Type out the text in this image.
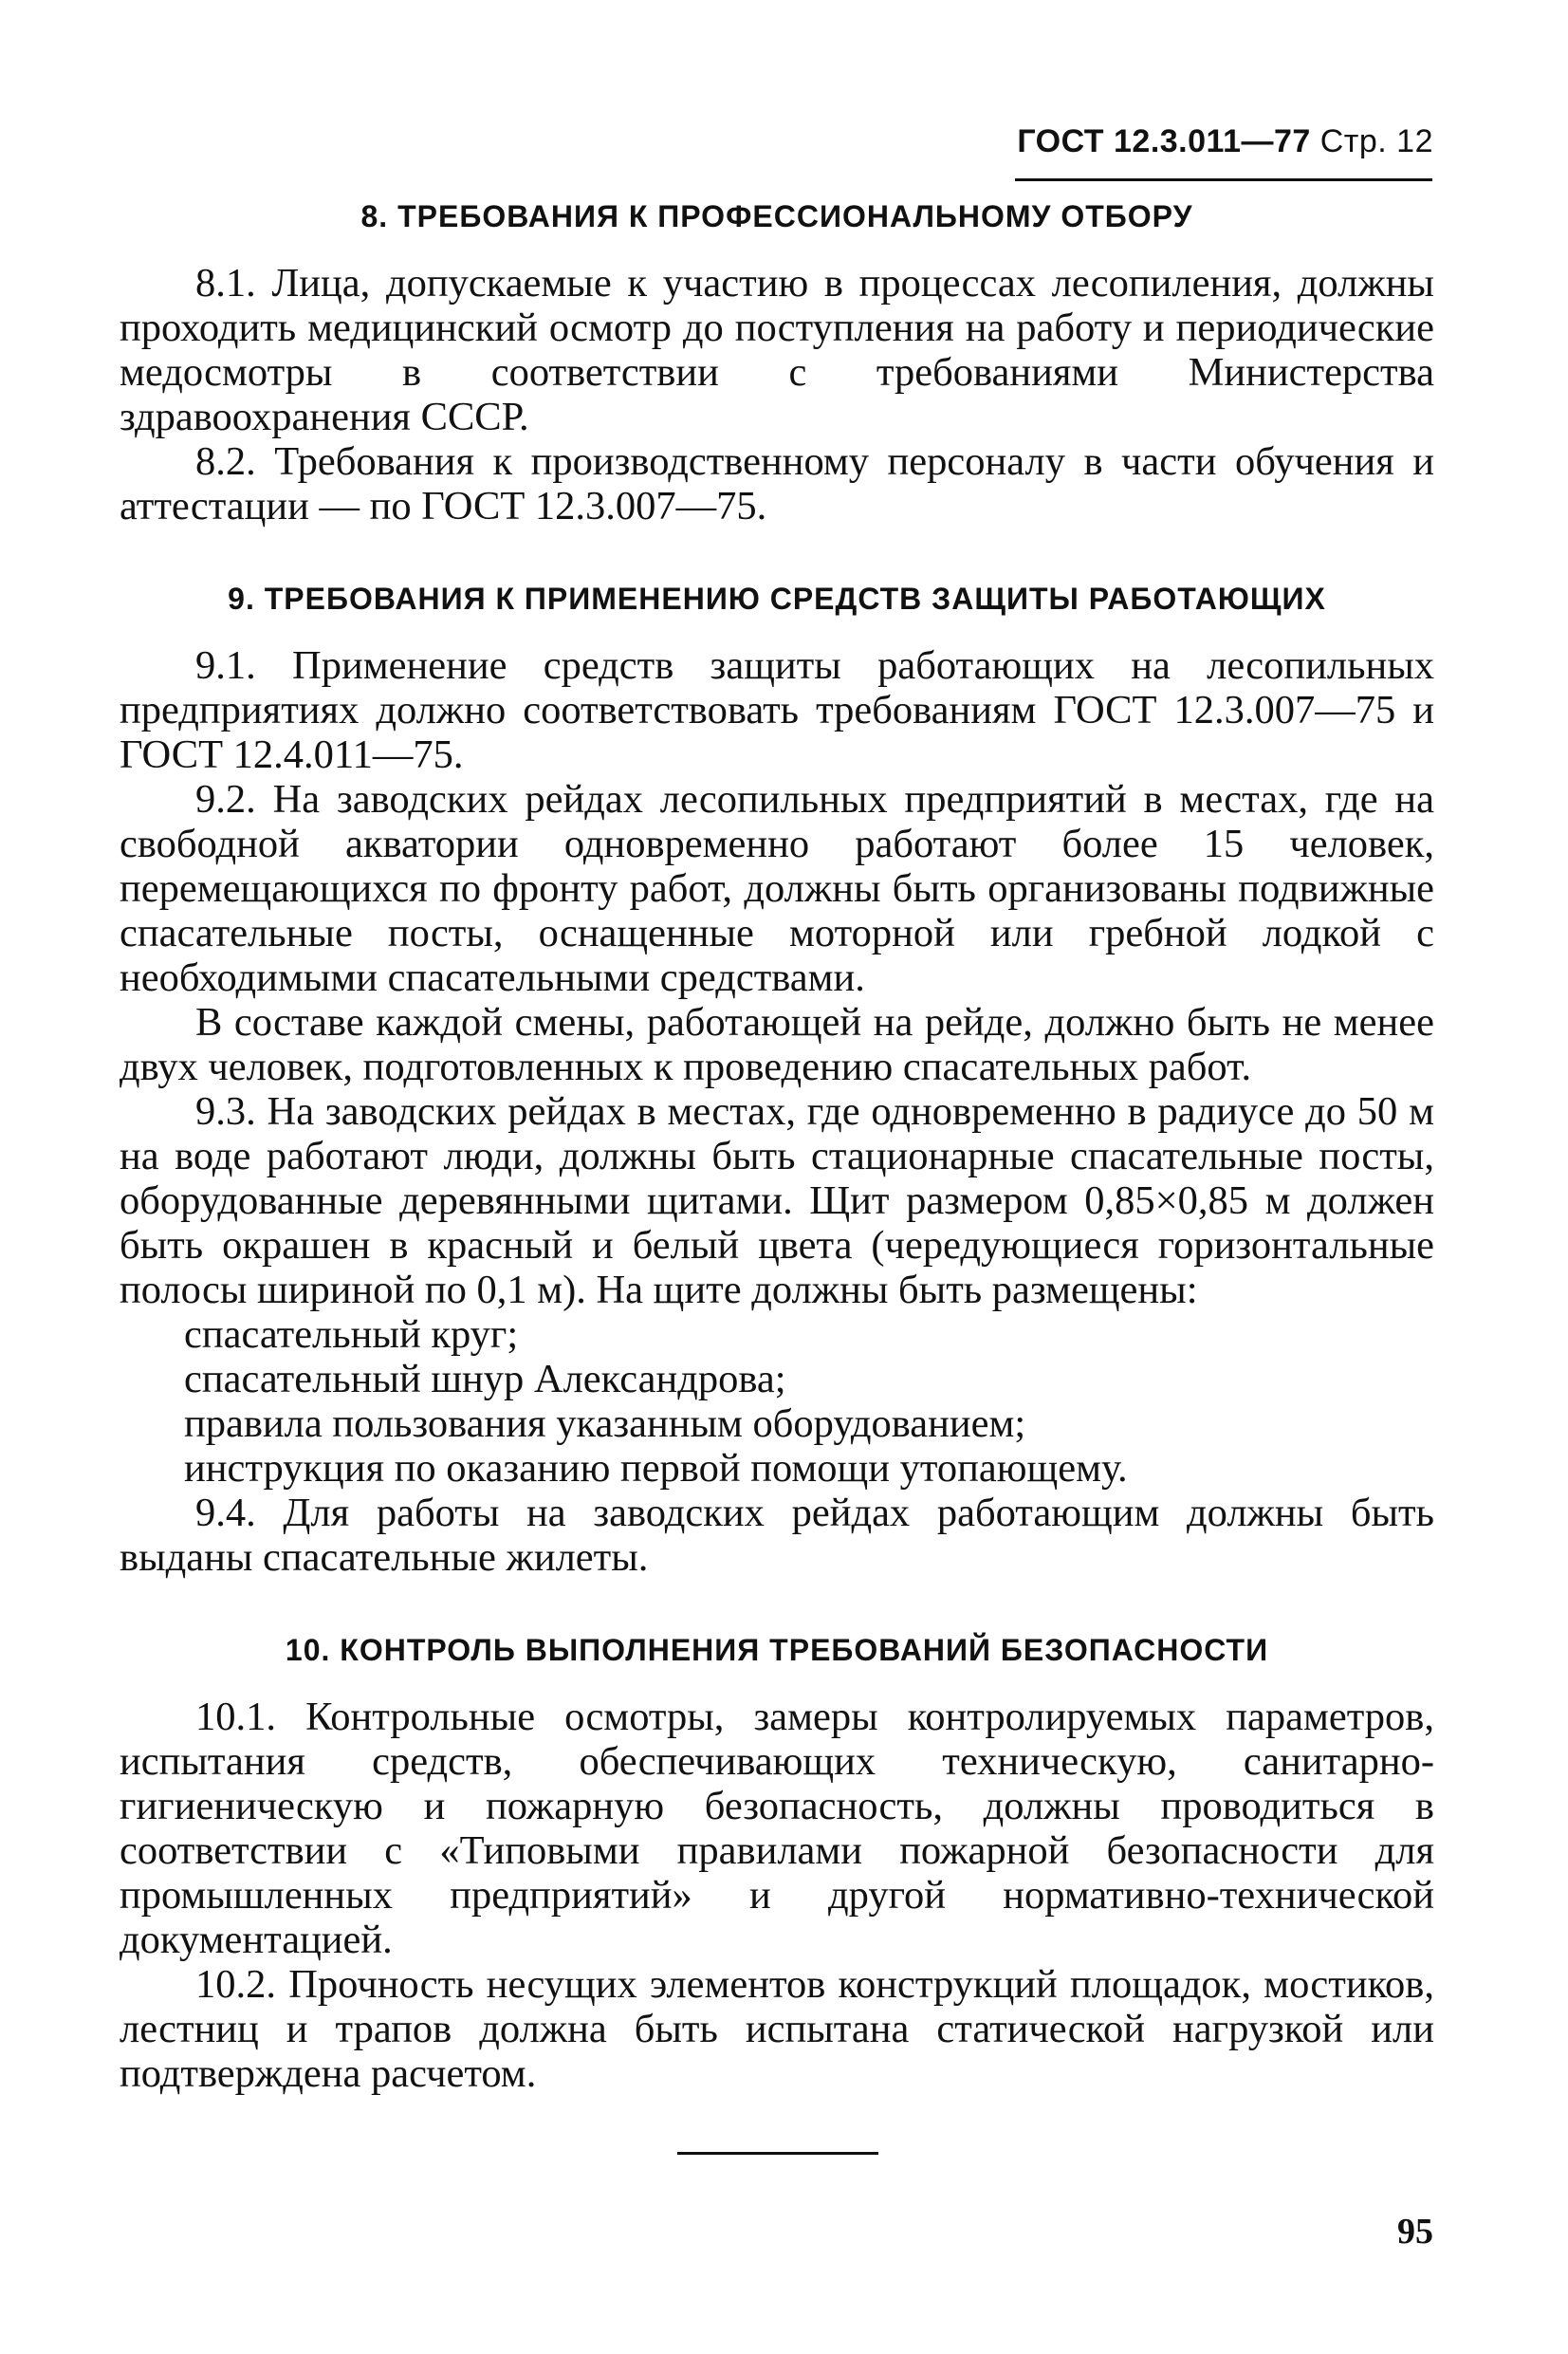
ГОСТ 12.3.011—77 Стр. 12
8. ТРЕБОВАНИЯ К ПРОФЕССИОНАЛЬНОМУ ОТБОРУ

8.1. Лица, допускаемые к участию в процессах лесопиления, должны проходить медицинский осмотр до поступления на работу и периодические медосмотры в соответствии с требованиями Министерства здравоохранения СССР.

8.2. Требования к производственному персоналу в части обучения и аттестации — по ГОСТ 12.3.007—75.

9. ТРЕБОВАНИЯ К ПРИМЕНЕНИЮ СРЕДСТВ ЗАЩИТЫ РАБОТАЮЩИХ

9.1. Применение средств защиты работающих на лесопильных предприятиях должно соответствовать требованиям ГОСТ 12.3.007—75 и ГОСТ 12.4.011—75.

9.2. На заводских рейдах лесопильных предприятий в местах, где на свободной акватории одновременно работают более 15 человек, перемещающихся по фронту работ, должны быть организованы подвижные спасательные посты, оснащенные моторной или гребной лодкой с необходимыми спасательными средствами.

В составе каждой смены, работающей на рейде, должно быть не менее двух человек, подготовленных к проведению спасательных работ.

9.3. На заводских рейдах в местах, где одновременно в радиусе до 50 м на воде работают люди, должны быть стационарные спасательные посты, оборудованные деревянными щитами. Щит размером 0,85×0,85 м должен быть окрашен в красный и белый цвета (чередующиеся горизонтальные полосы шириной по 0,1 м). На щите должны быть размещены:

спасательный круг;

спасательный шнур Александрова;

правила пользования указанным оборудованием;

инструкция по оказанию первой помощи утопающему.

9.4. Для работы на заводских рейдах работающим должны быть выданы спасательные жилеты.

10. КОНТРОЛЬ ВЫПОЛНЕНИЯ ТРЕБОВАНИЙ БЕЗОПАСНОСТИ

10.1. Контрольные осмотры, замеры контролируемых параметров, испытания средств, обеспечивающих техническую, санитарно-гигиеническую и пожарную безопасность, должны проводиться в соответствии с «Типовыми правилами пожарной безопасности для промышленных предприятий» и другой нормативно-технической документацией.

10.2. Прочность несущих элементов конструкций площадок, мостиков, лестниц и трапов должна быть испытана статической нагрузкой или подтверждена расчетом.

95
